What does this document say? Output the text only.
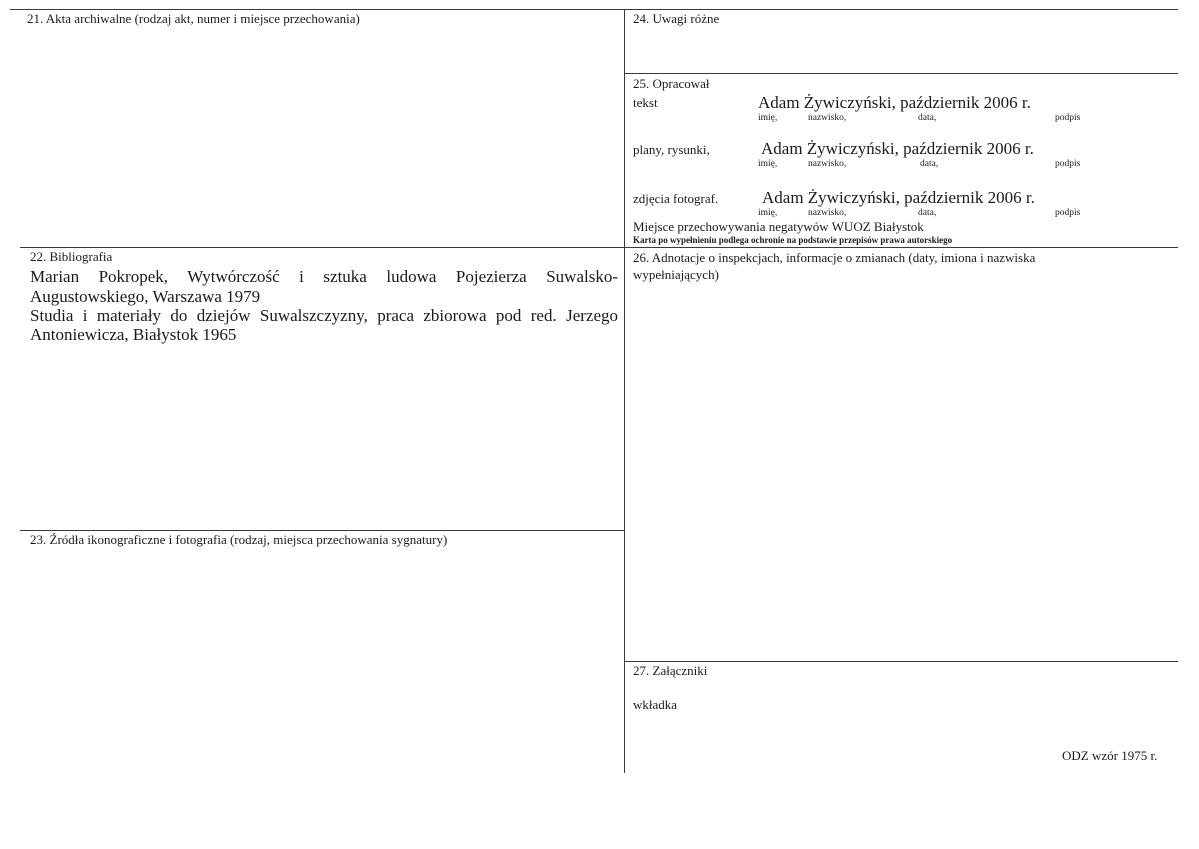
21. Akta archiwalne (rodzaj akt, numer i miejsce przechowania)
22. Bibliografia
Marian Pokropek, Wytwórczość i sztuka ludowa Pojezierza Suwalsko-
Augustowskiego, Warszawa 1979
Studia i materiały do dziejów Suwalszczyzny, praca zbiorowa pod red. Jerzego
Antoniewicza, Białystok 1965
23. Źródła ikonograficzne i fotografia (rodzaj, miejsca przechowania sygnatury)
24. Uwagi różne
25. Opracował
tekst	Adam Żywiczyński, październik 2006 r.
imię,	nazwisko,	data,	podpis
plany, rysunki,	Adam Żywiczyński, październik 2006 r.
imię,	nazwisko,	data,	podpis
zdjęcia fotograf.	Adam Żywiczyński, październik 2006 r.
imię,	nazwisko,	data,	podpis
Miejsce przechowywania negatywów WUOZ Białystok
Karta po wypełnieniu podlega ochronie na podstawie przepisów prawa autorskiego
26. Adnotacje o inspekcjach, informacje o zmianach (daty, imiona i nazwiska
wypełniających)
27. Załączniki
wkładka
ODZ wzór 1975 r.
